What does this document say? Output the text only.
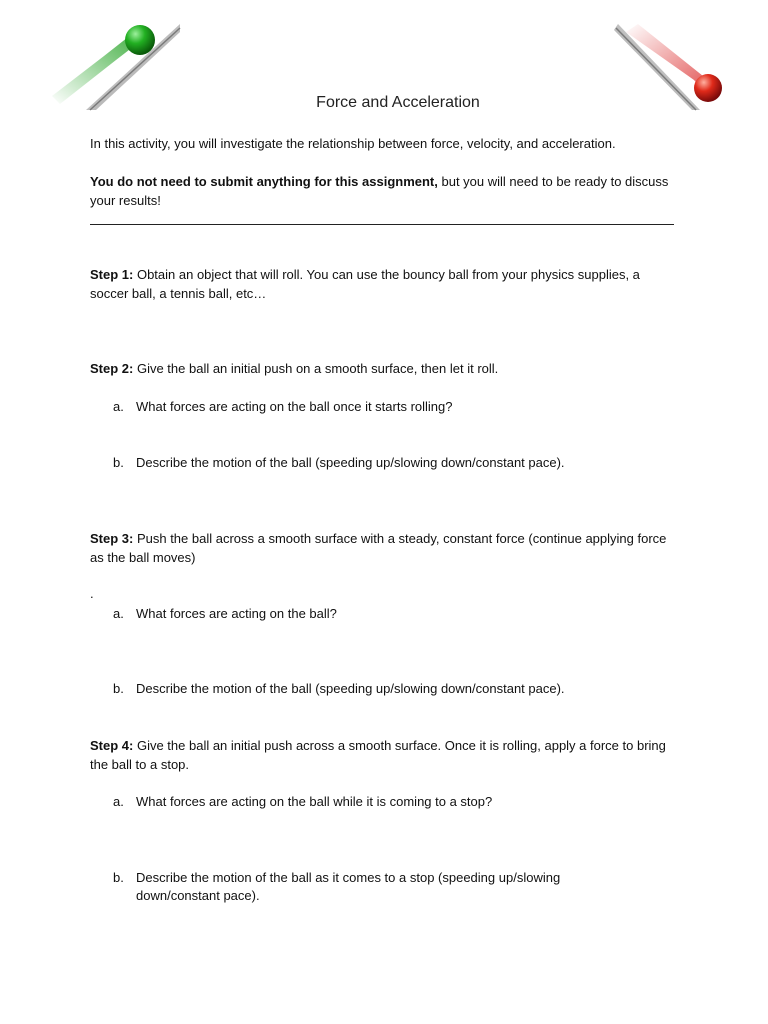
Force and Acceleration

In this activity, you will investigate the relationship between force, velocity, and acceleration.

You do not need to submit anything for this assignment, but you will need to be ready to discuss your results!

Step 1: Obtain an object that will roll. You can use the bouncy ball from your physics supplies, a soccer ball, a tennis ball, etc…

Step 2: Give the ball an initial push on a smooth surface, then let it roll.

a. What forces are acting on the ball once it starts rolling?
b. Describe the motion of the ball (speeding up/slowing down/constant pace).

Step 3: Push the ball across a smooth surface with a steady, constant force (continue applying force as the ball moves)

.
a. What forces are acting on the ball?
b. Describe the motion of the ball (speeding up/slowing down/constant pace).

Step 4: Give the ball an initial push across a smooth surface. Once it is rolling, apply a force to bring the ball to a stop.

a. What forces are acting on the ball while it is coming to a stop?
b. Describe the motion of the ball as it comes to a stop (speeding up/slowing down/constant pace).
